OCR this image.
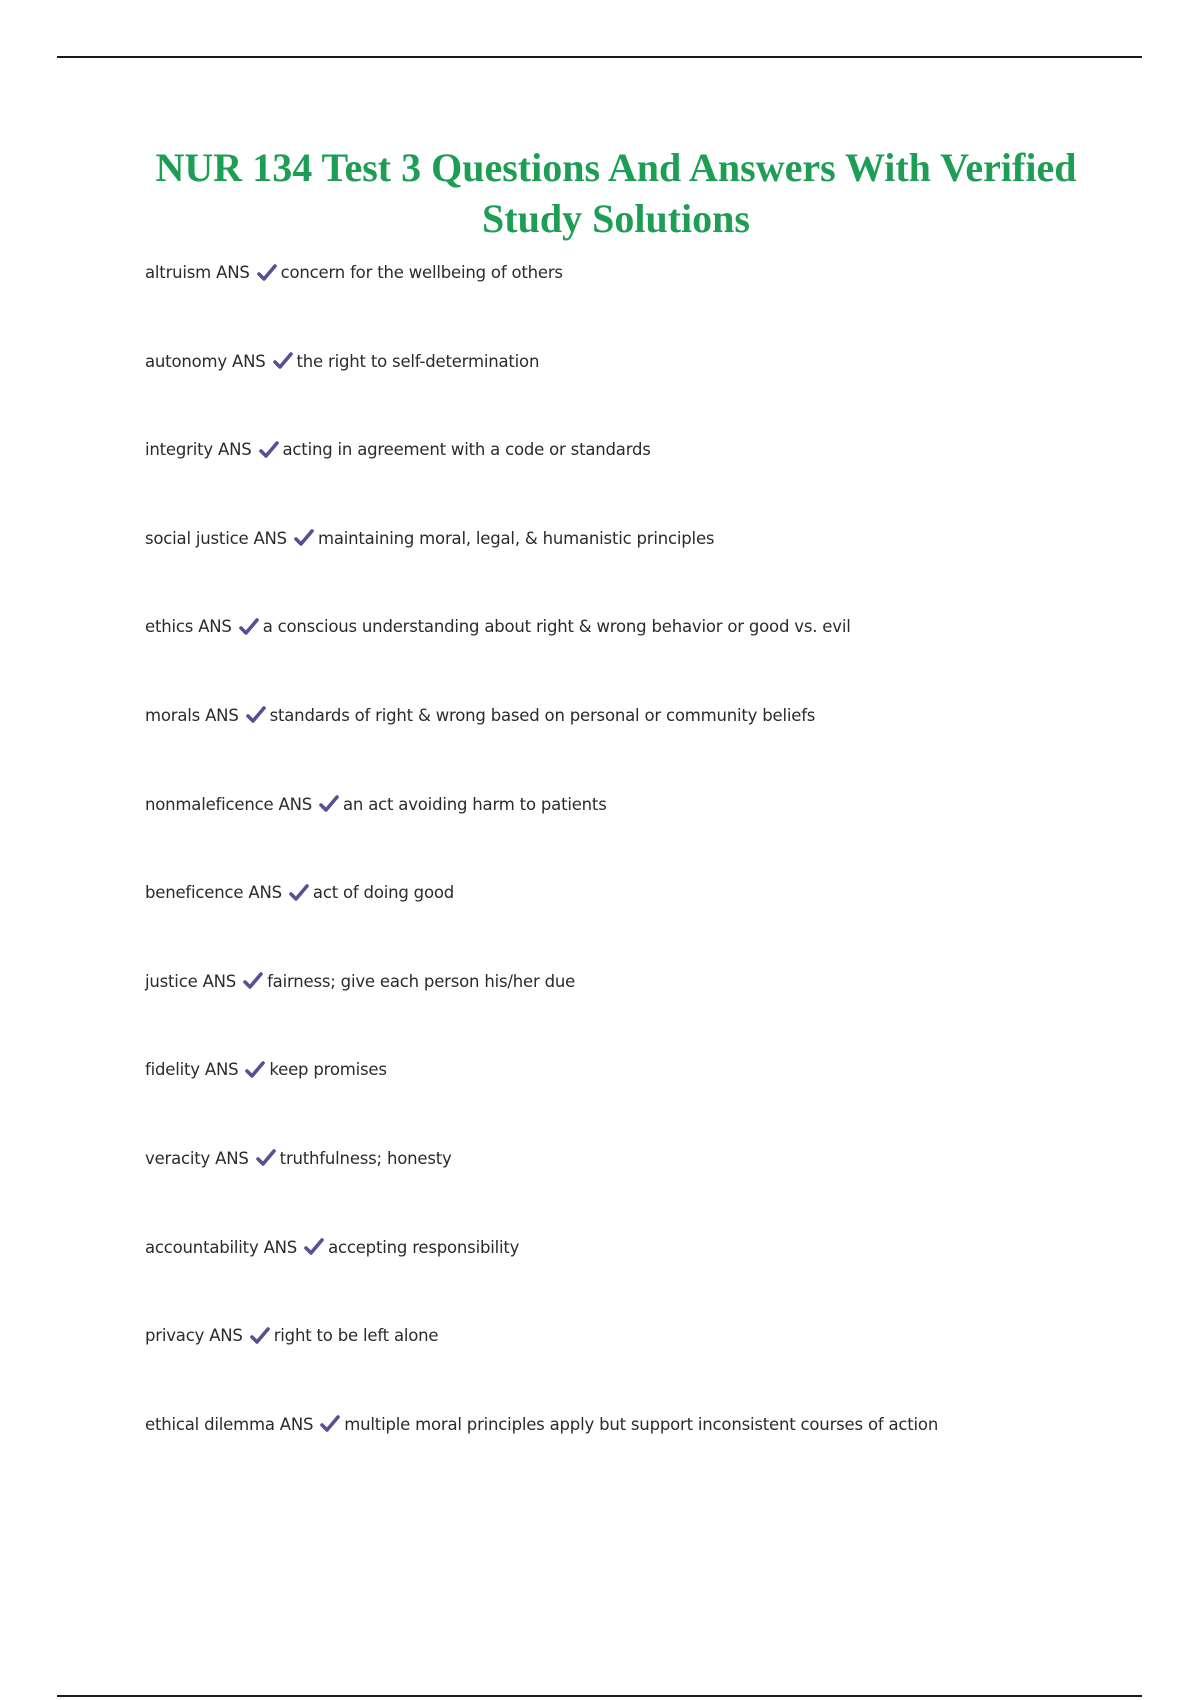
NUR 134 Test 3 Questions And Answers With Verified
Study Solutions
altruism ANS concern for the wellbeing of others
autonomy ANS the right to self-determination
integrity ANS acting in agreement with a code or standards
social justice ANS maintaining moral, legal, & humanistic principles
ethics ANS a conscious understanding about right & wrong behavior or good vs. evil
morals ANS standards of right & wrong based on personal or community beliefs
nonmaleficence ANS an act avoiding harm to patients
beneficence ANS act of doing good
justice ANS fairness; give each person his/her due
fidelity ANS keep promises
veracity ANS truthfulness; honesty
accountability ANS accepting responsibility
privacy ANS right to be left alone
ethical dilemma ANS multiple moral principles apply but support inconsistent courses of action
